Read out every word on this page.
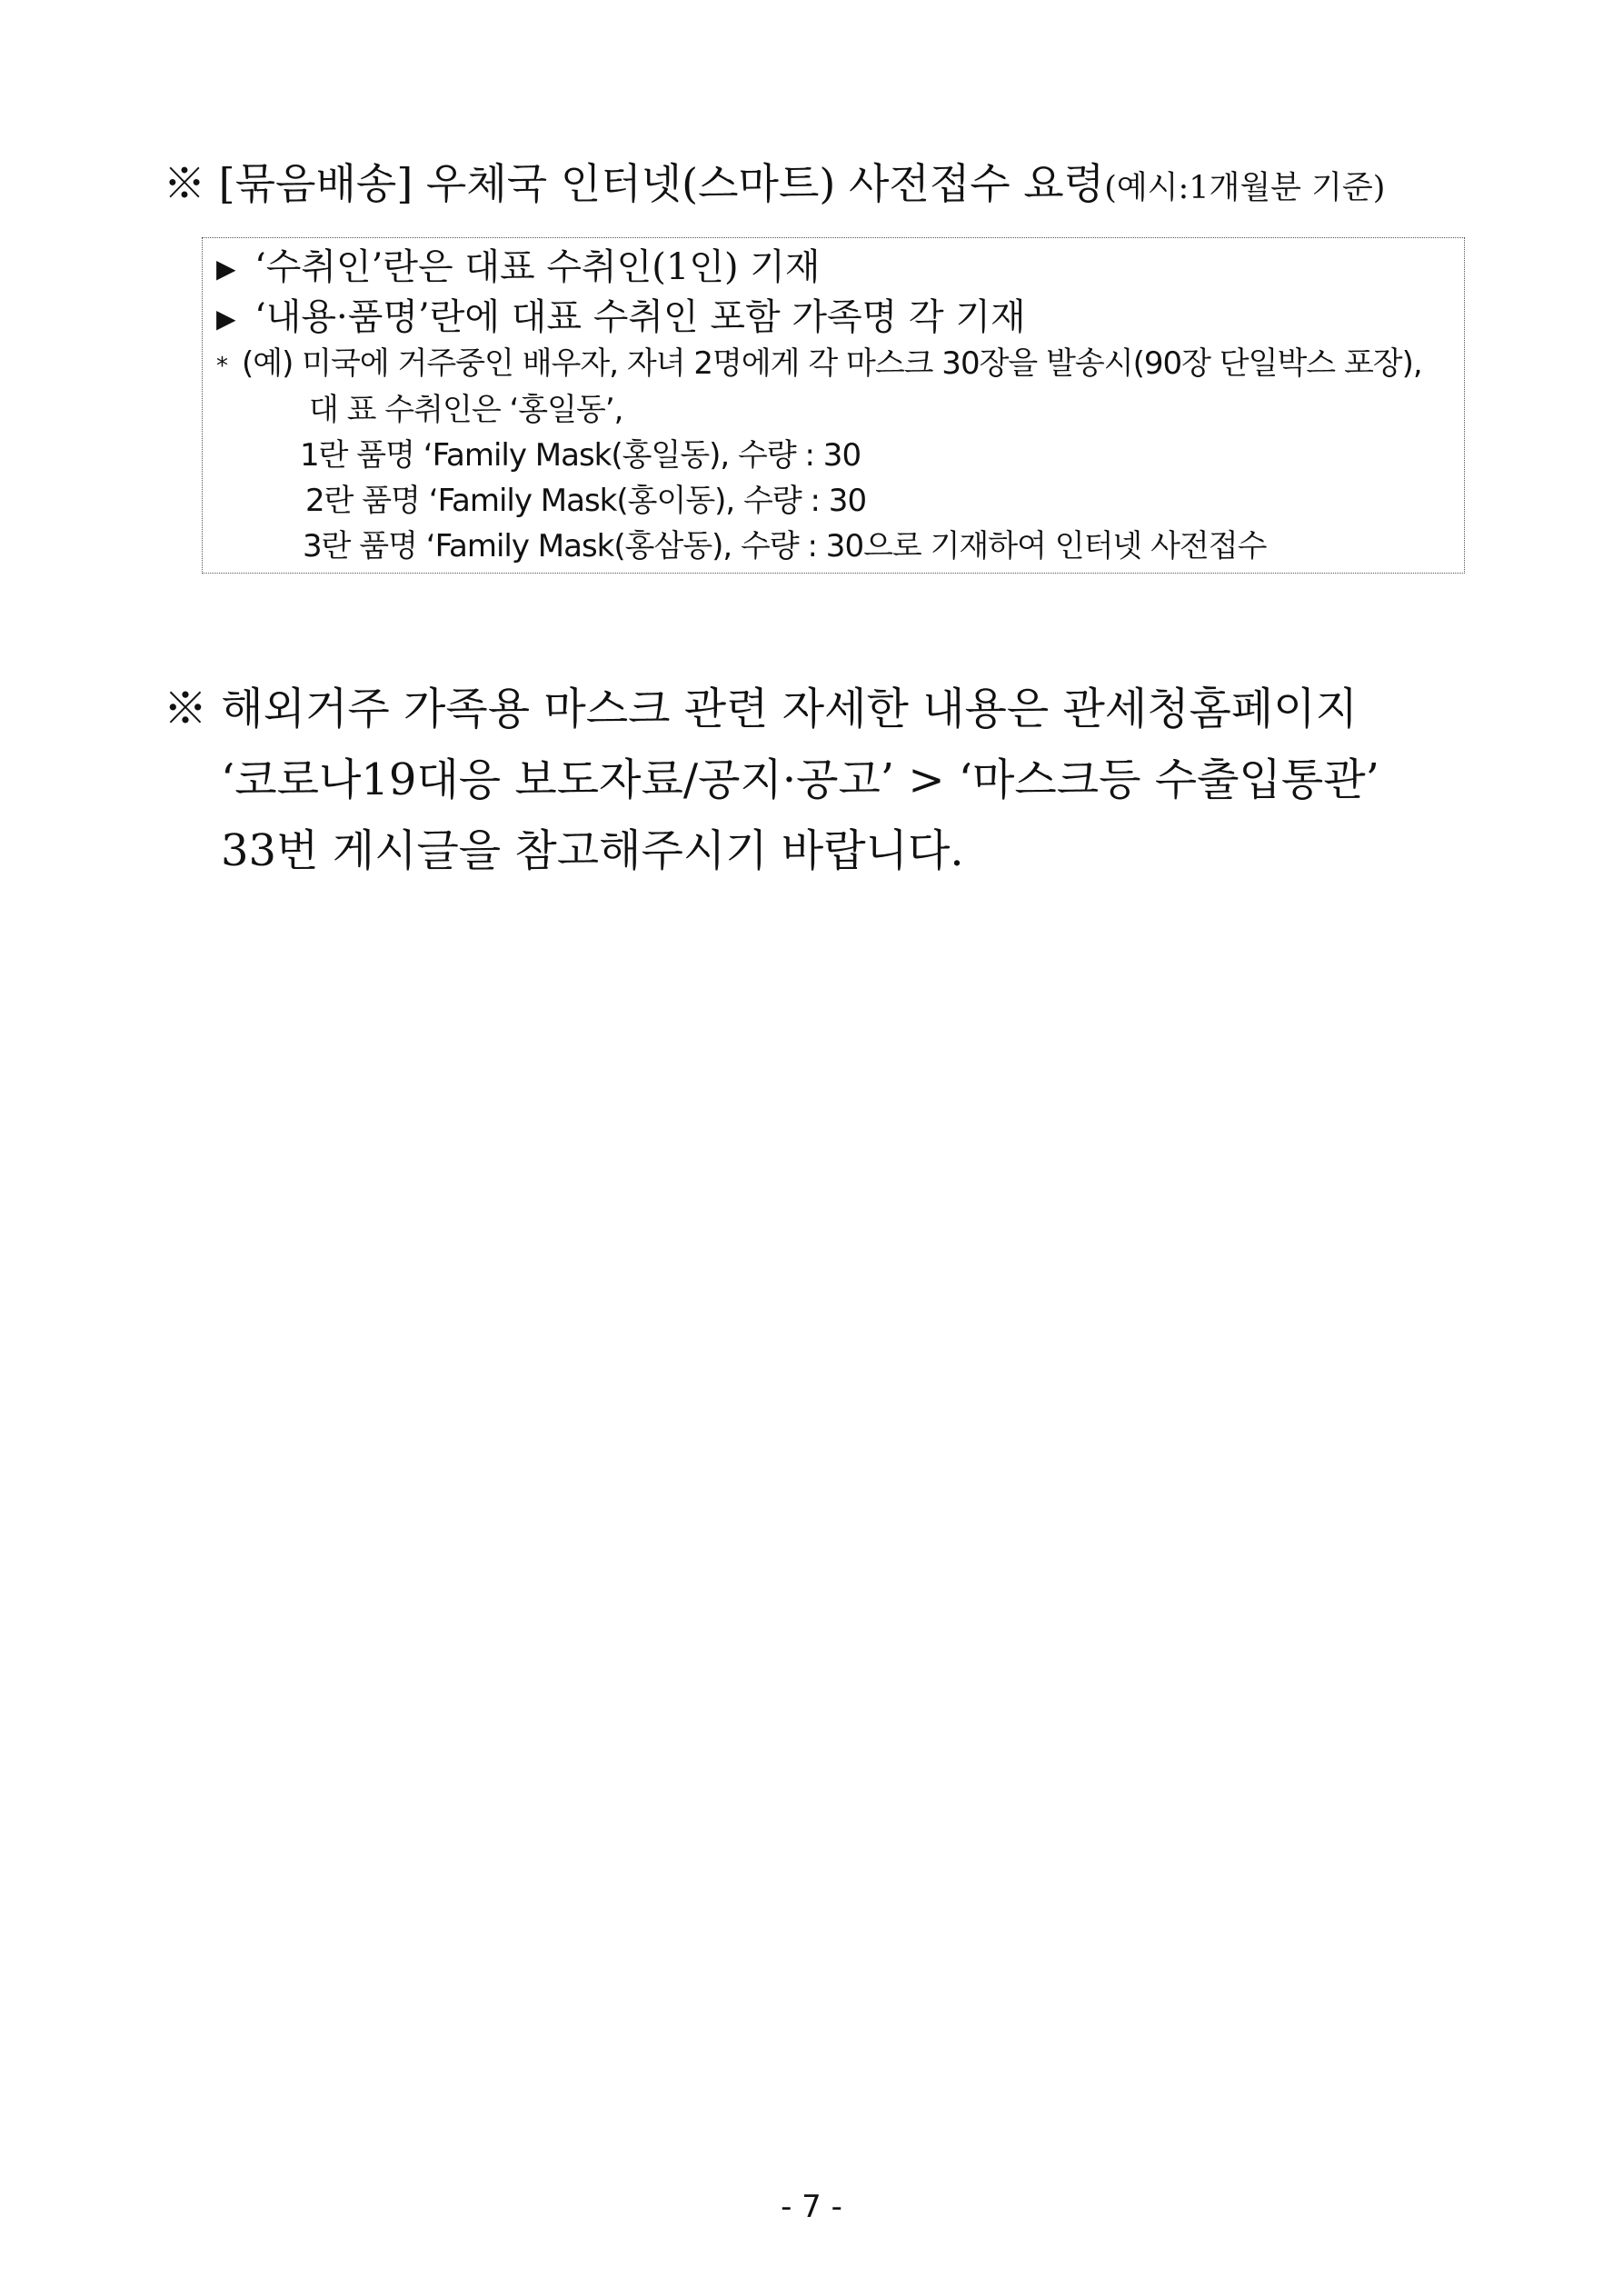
※ [묶음배송] 우체국 인터넷(스마트) 사전접수 요령(예시:1개월분 기준)
▶ ‘수취인’란은 대표 수취인(1인) 기재
▶ ‘내용·품명’란에 대표 수취인 포함 가족명 각 기재
* (예) 미국에 거주중인 배우자, 자녀 2명에게 각 마스크 30장을 발송시(90장 단일박스 포장),
대 표 수취인은 ‘홍일동’,
1란 품명 ‘Family Mask(홍일동), 수량 : 30
2란 품명 ‘Family Mask(홍이동), 수량 : 30
3란 품명 ‘Family Mask(홍삼동), 수량 : 30으로 기재하여 인터넷 사전접수
※ 해외거주 가족용 마스크 관련 자세한 내용은 관세청홈페이지
‘코로나19대응 보도자료/공지·공고’ > ‘마스크등 수출입통관’
33번 게시글을 참고해주시기 바랍니다.
- 7 -
